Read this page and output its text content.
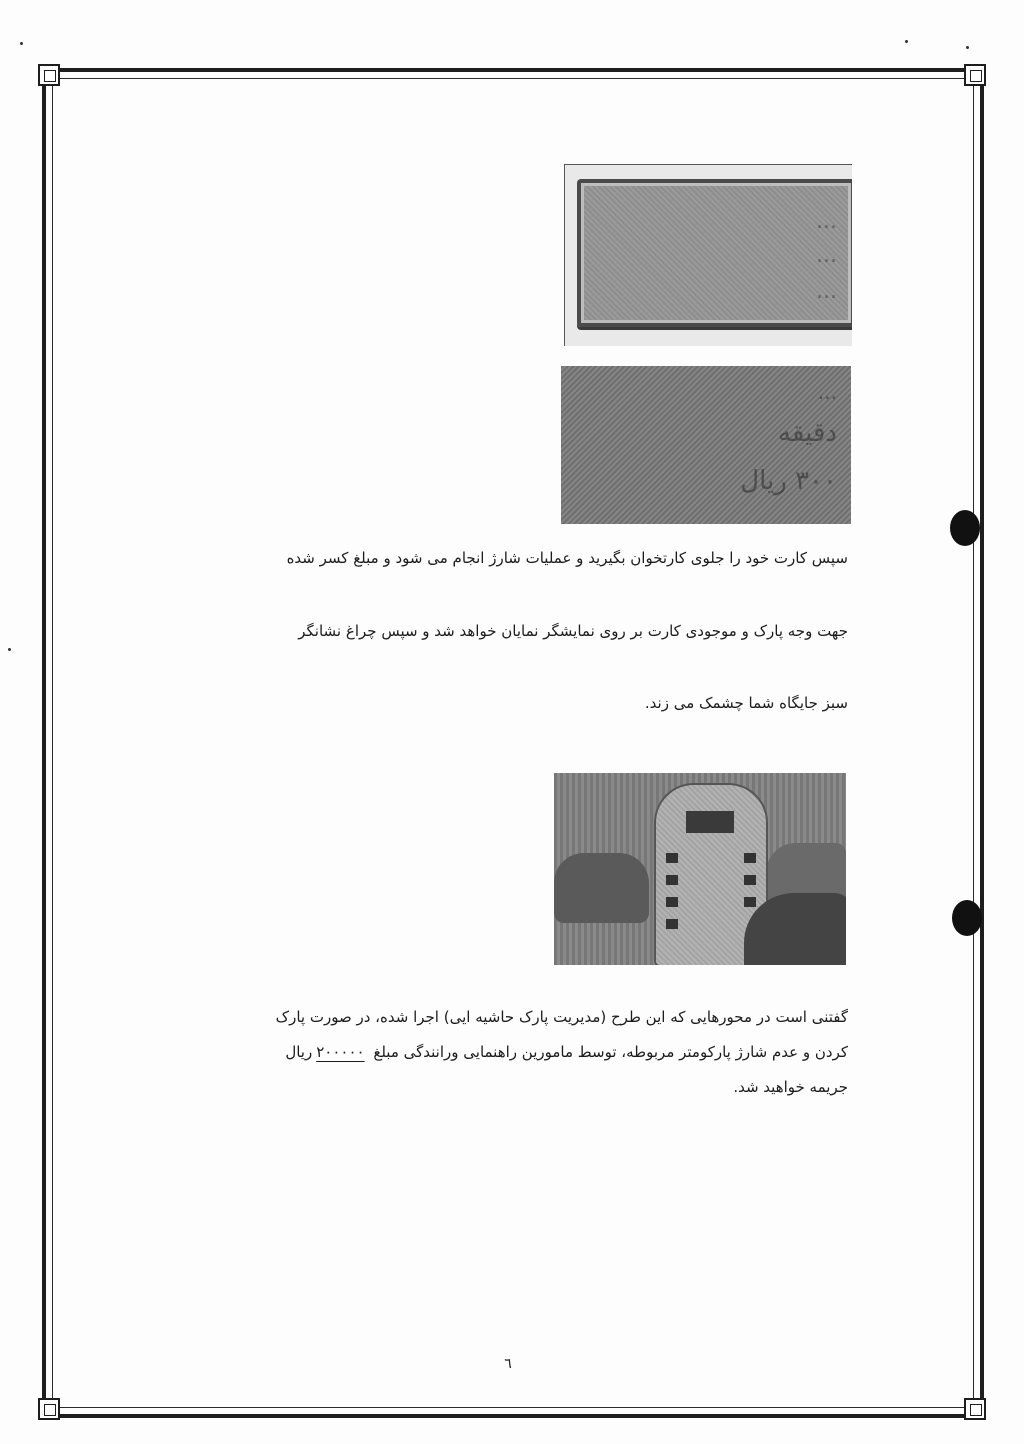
...
...
...
...
دقیقه
۳۰۰ ریال
سپس کارت خود را جلوی کارتخوان بگیرید و عملیات شارژ انجام می شود و مبلغ کسر شده
جهت وجه پارک و موجودی کارت بر روی نمایشگر نمایان خواهد شد و سپس چراغ نشانگر
سبز جایگاه شما چشمک می زند.
گفتنی است در محورهایی که این طرح (مدیریت پارک حاشیه ایی) اجرا شده، در صورت پارک
کردن و عدم شارژ پارکومتر مربوطه، توسط مامورین راهنمایی ورانندگی مبلغ ۲۰۰۰۰۰ریال
جریمه خواهید شد.
٦
